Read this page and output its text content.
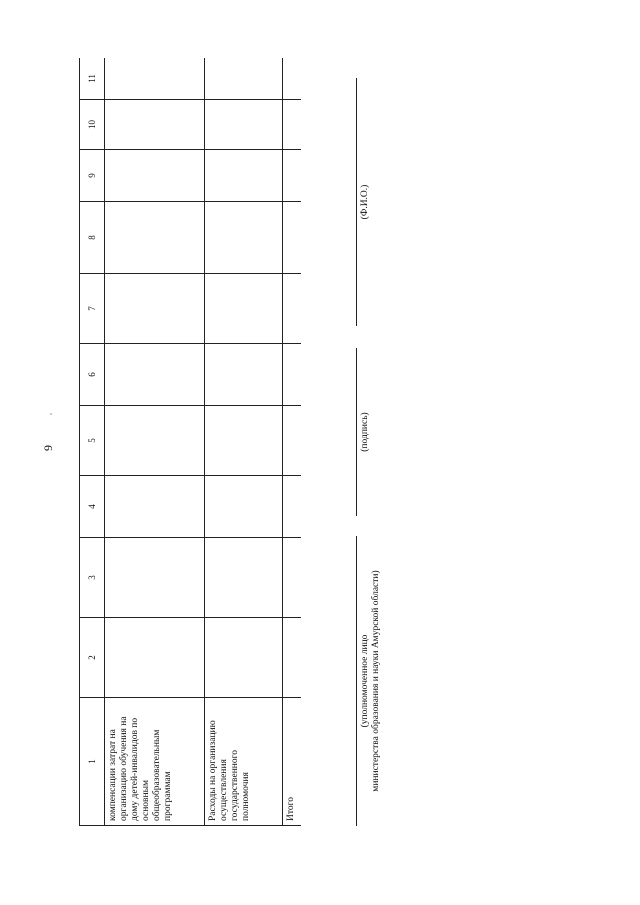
9
1	2	3	4	5	6	7	8	9	10	11
компенсации затрат на организацию обучения на дому детей-инвалидов по основным общеобразовательным программам										
Расходы на организацию осуществления государственного полномочия										
Итого										
(уполномоченное лицо
министерства образования и науки Амурской области)
(подпись)
(Ф.И.О.)
